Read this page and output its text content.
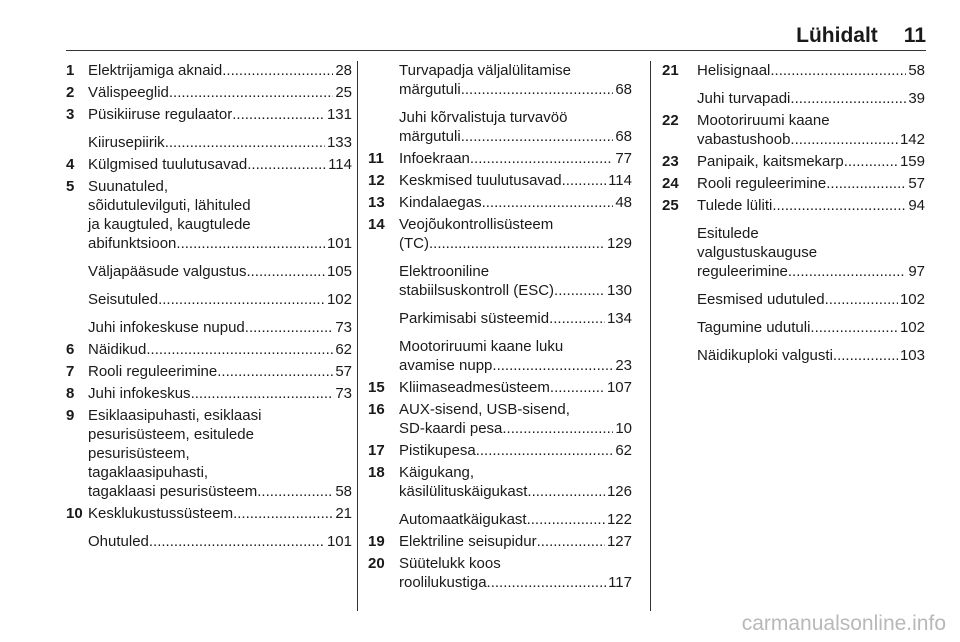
Lühidalt 11
1 Elektrijamiga aknaid .....	28
2 Välispeeglid .....	25
3 Püsikiiruse regulaator .....	131
Kiirusepiirik .....	133
4 Külgmised tuulutusavad .....	114
5 Suunatuled,
sõidutulevilguti, lähituled
ja kaugtuled, kaugtulede
abifunktsioon .....	101
Väljapääsude valgustus .....	105
Seisutuled .....	102
Juhi infokeskuse nupud .....	73
6 Näidikud .....	62
7 Rooli reguleerimine .....	57
8 Juhi infokeskus .....	73
9 Esiklaasipuhasti, esiklaasi
pesurisüsteem, esitulede
pesurisüsteem,
tagaklaasipuhasti,
tagaklaasi pesurisüsteem .....	58
10 Kesklukustussüsteem .....	21
Ohutuled .....	101
Turvapadja väljalülitamise
märgutuli .....	68
Juhi kõrvalistuja turvavöö
märgutuli .....	68
11	Infoekraan .....	77
12 Keskmised tuulutusavad .....	114
13 Kindalaegas .....	48
14 Veojõukontrollisüsteem
(TC) .....	129
Elektrooniline
stabiilsuskontroll (ESC) .....	130
Parkimisabi süsteemid .....	134
Mootoriruumi kaane luku
avamise nupp .....	23
15 Kliimaseadmesüsteem .....	107
16 AUX-sisend, USB-sisend,
SD-kaardi pesa .....	10
17 Pistikupesa .....	62
18 Käigukang,
käsilülituskäigukast .....	126
Automaatkäigukast .....	122
19 Elektriline seisupidur .....	127
20 Süütelukk koos
roolilukustiga .....	117
21	Helisignaal .....	58
Juhi turvapadi .....	39
22	Mootoriruumi kaane
vabastushoob .....	142
23	Panipaik, kaitsmekarp .....	159
24	Rooli reguleerimine .....	57
25	Tulede lüliti .....	94
Esitulede
valgustuskauguse
reguleerimine .....	97
Eesmised udutuled .....	102
Tagumine udutuli .....	102
Näidikuploki valgusti .....	103
carmanualsonline.info
